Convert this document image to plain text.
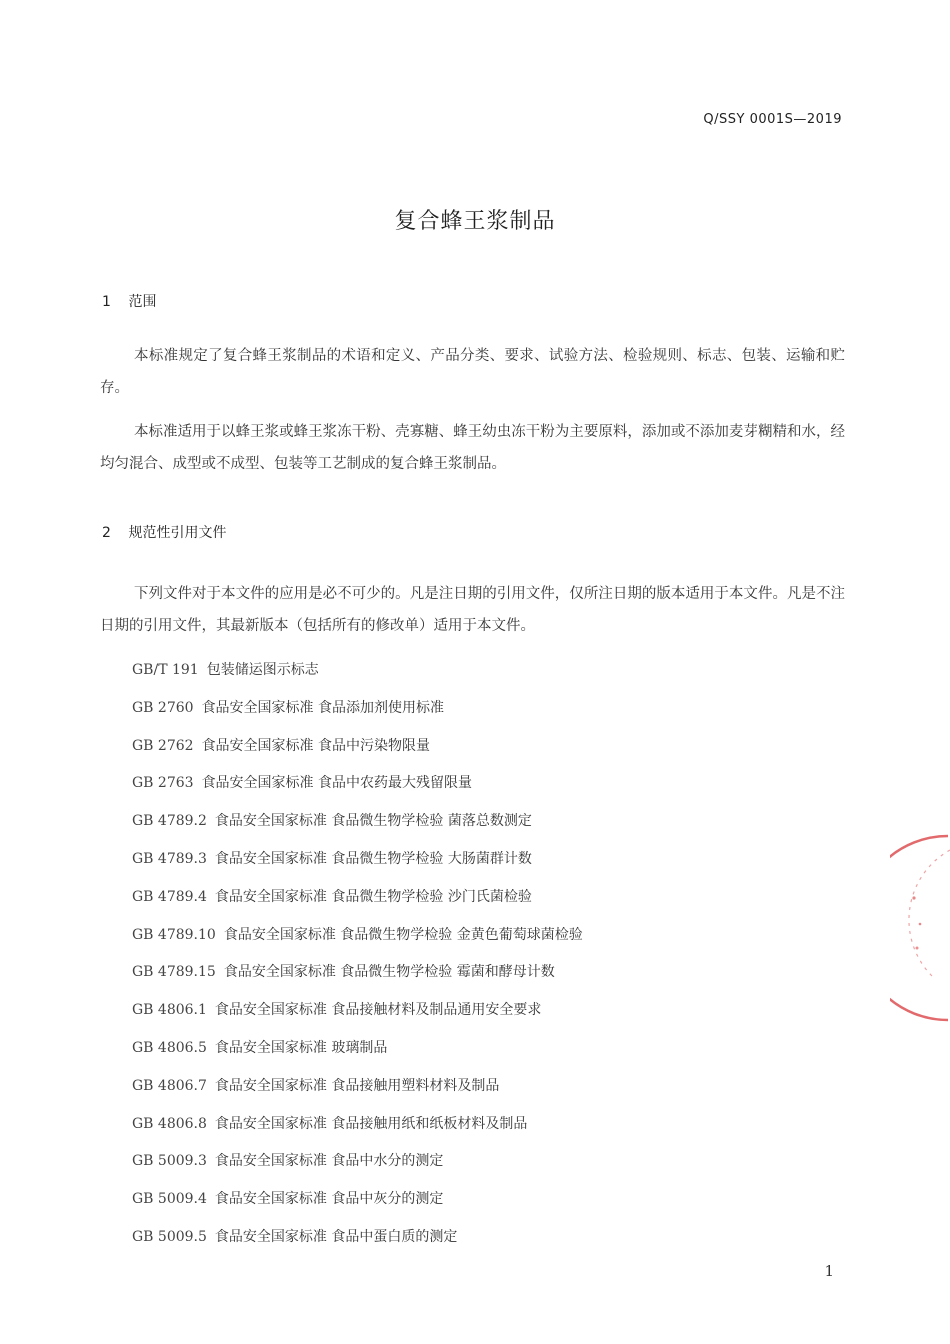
Q/SSY 0001S—2019
复合蜂王浆制品
1 范围

本标准规定了复合蜂王浆制品的术语和定义、产品分类、要求、试验方法、检验规则、标志、包装、运输和贮存。

本标准适用于以蜂王浆或蜂王浆冻干粉、壳寡糖、蜂王幼虫冻干粉为主要原料，添加或不添加麦芽糊精和水，经均匀混合、成型或不成型、包装等工艺制成的复合蜂王浆制品。

2 规范性引用文件

下列文件对于本文件的应用是必不可少的。凡是注日期的引用文件，仅所注日期的版本适用于本文件。凡是不注日期的引用文件，其最新版本（包括所有的修改单）适用于本文件。

GB/T 191 包装储运图示标志
GB 2760 食品安全国家标准 食品添加剂使用标准
GB 2762 食品安全国家标准 食品中污染物限量
GB 2763 食品安全国家标准 食品中农药最大残留限量
GB 4789.2 食品安全国家标准 食品微生物学检验 菌落总数测定
GB 4789.3 食品安全国家标准 食品微生物学检验 大肠菌群计数
GB 4789.4 食品安全国家标准 食品微生物学检验 沙门氏菌检验
GB 4789.10 食品安全国家标准 食品微生物学检验 金黄色葡萄球菌检验
GB 4789.15 食品安全国家标准 食品微生物学检验 霉菌和酵母计数
GB 4806.1 食品安全国家标准 食品接触材料及制品通用安全要求
GB 4806.5 食品安全国家标准 玻璃制品
GB 4806.7 食品安全国家标准 食品接触用塑料材料及制品
GB 4806.8 食品安全国家标准 食品接触用纸和纸板材料及制品
GB 5009.3 食品安全国家标准 食品中水分的测定
GB 5009.4 食品安全国家标准 食品中灰分的测定
GB 5009.5 食品安全国家标准 食品中蛋白质的测定
1
